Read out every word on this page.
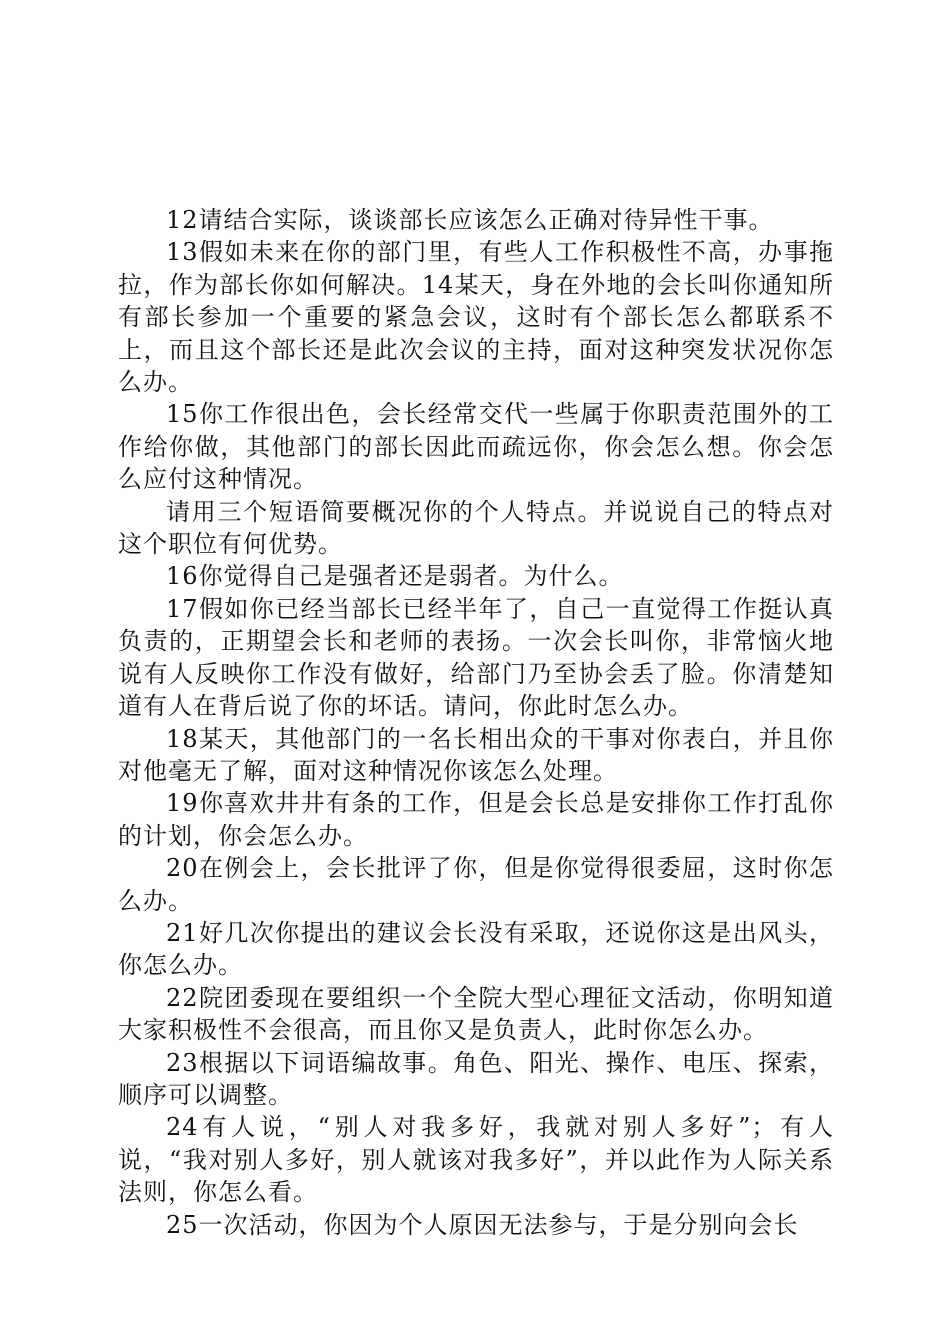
12请结合实际，谈谈部长应该怎么正确对待异性干事。

13假如未来在你的部门里，有些人工作积极性不高，办事拖拉，作为部长你如何解决。14某天，身在外地的会长叫你通知所有部长参加一个重要的紧急会议，这时有个部长怎么都联系不上，而且这个部长还是此次会议的主持，面对这种突发状况你怎么办。

15你工作很出色，会长经常交代一些属于你职责范围外的工作给你做，其他部门的部长因此而疏远你，你会怎么想。你会怎么应付这种情况。

请用三个短语简要概况你的个人特点。并说说自己的特点对这个职位有何优势。

16你觉得自己是强者还是弱者。为什么。

17假如你已经当部长已经半年了，自己一直觉得工作挺认真负责的，正期望会长和老师的表扬。一次会长叫你，非常恼火地说有人反映你工作没有做好，给部门乃至协会丢了脸。你清楚知道有人在背后说了你的坏话。请问，你此时怎么办。

18某天，其他部门的一名长相出众的干事对你表白，并且你对他毫无了解，面对这种情况你该怎么处理。

19你喜欢井井有条的工作，但是会长总是安排你工作打乱你的计划，你会怎么办。

20在例会上，会长批评了你，但是你觉得很委屈，这时你怎么办。

21好几次你提出的建议会长没有采取，还说你这是出风头，你怎么办。

22院团委现在要组织一个全院大型心理征文活动，你明知道大家积极性不会很高，而且你又是负责人，此时你怎么办。

23根据以下词语编故事。角色、阳光、操作、电压、探索，顺序可以调整。

24有人说，“别人对我多好，我就对别人多好”；有人说，“我对别人多好，别人就该对我多好”，并以此作为人际关系法则，你怎么看。

25一次活动，你因为个人原因无法参与，于是分别向会长
